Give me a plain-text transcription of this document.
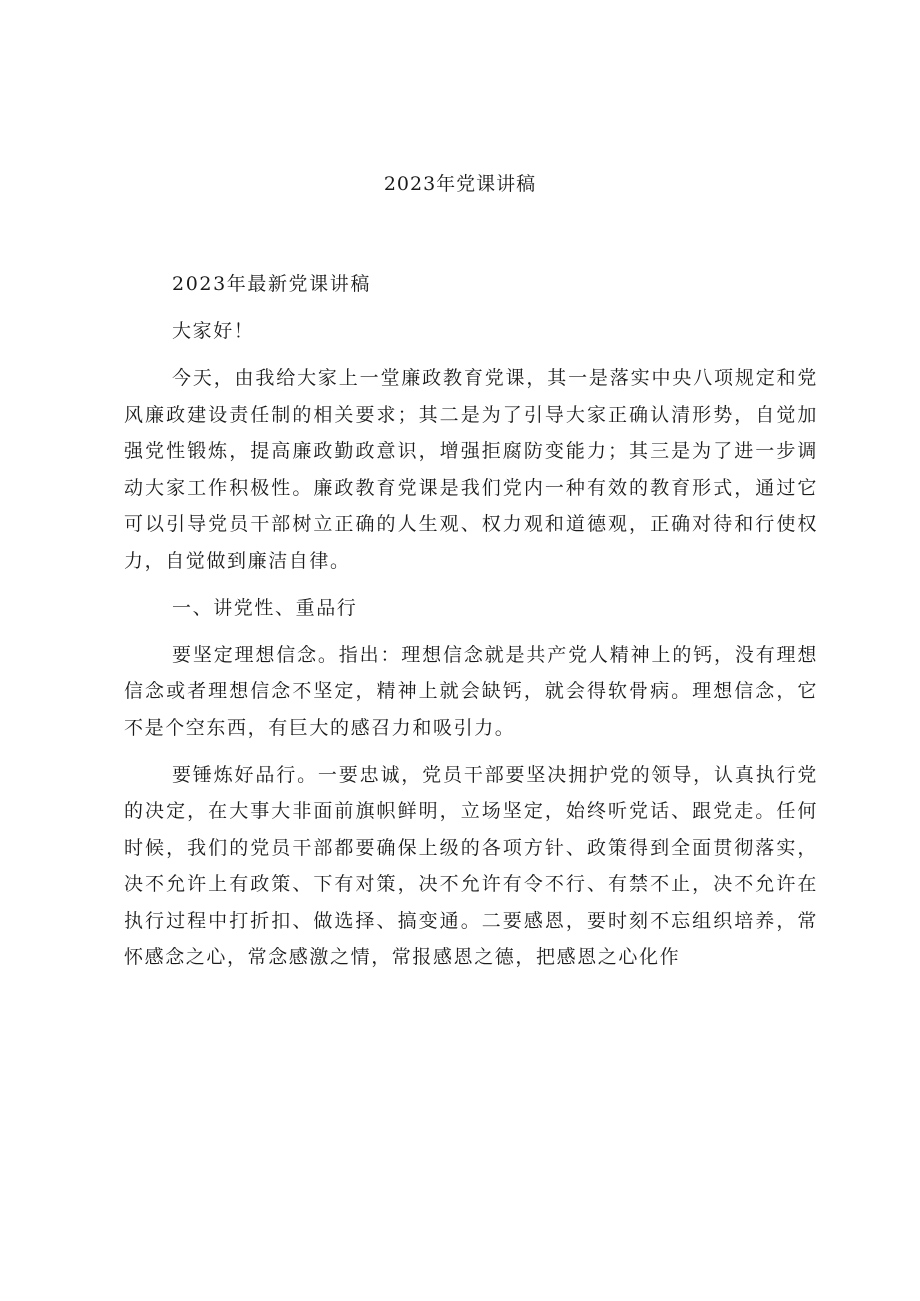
2023年党课讲稿

2023年最新党课讲稿

大家好！

今天，由我给大家上一堂廉政教育党课，其一是落实中央八项规定和党风廉政建设责任制的相关要求；其二是为了引导大家正确认清形势，自觉加强党性锻炼，提高廉政勤政意识，增强拒腐防变能力；其三是为了进一步调动大家工作积极性。廉政教育党课是我们党内一种有效的教育形式，通过它可以引导党员干部树立正确的人生观、权力观和道德观，正确对待和行使权力，自觉做到廉洁自律。

一、讲党性、重品行

要坚定理想信念。指出：理想信念就是共产党人精神上的钙，没有理想信念或者理想信念不坚定，精神上就会缺钙，就会得软骨病。理想信念，它不是个空东西，有巨大的感召力和吸引力。

要锤炼好品行。一要忠诚，党员干部要坚决拥护党的领导，认真执行党的决定，在大事大非面前旗帜鲜明，立场坚定，始终听党话、跟党走。任何时候，我们的党员干部都要确保上级的各项方针、政策得到全面贯彻落实，决不允许上有政策、下有对策，决不允许有令不行、有禁不止，决不允许在执行过程中打折扣、做选择、搞变通。二要感恩，要时刻不忘组织培养，常怀感念之心，常念感激之情，常报感恩之德，把感恩之心化作
